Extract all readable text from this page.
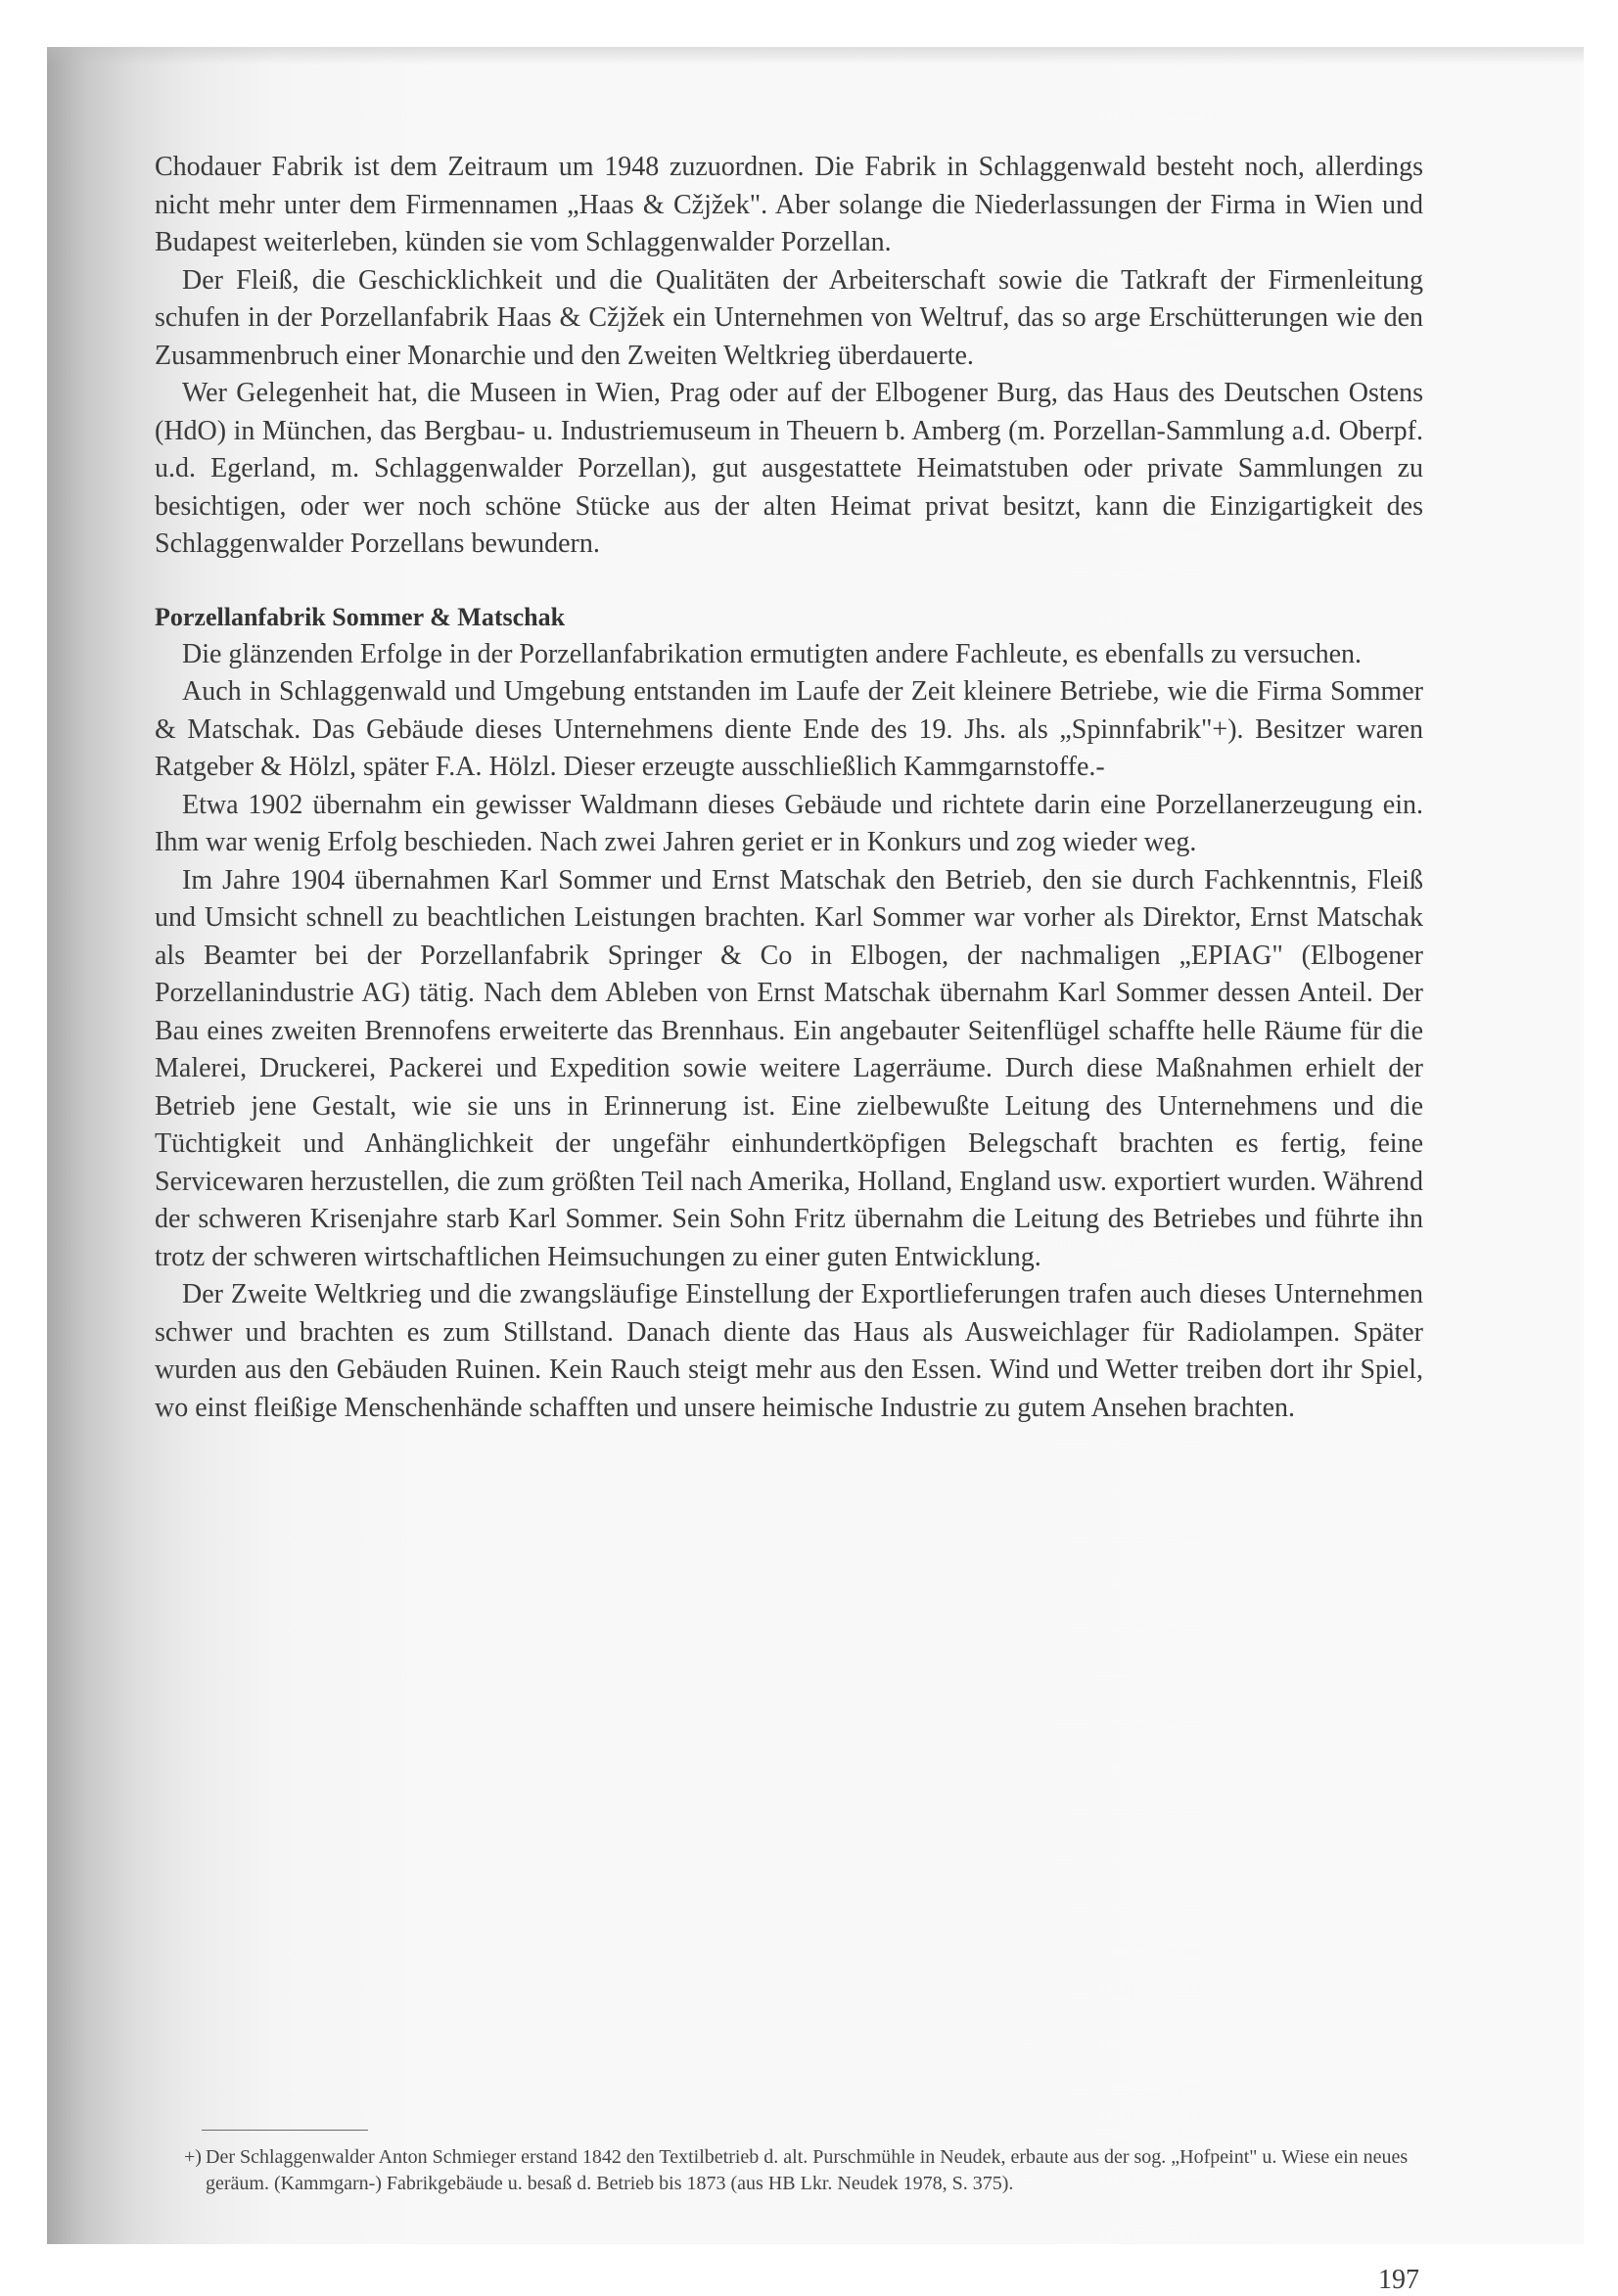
Chodauer Fabrik ist dem Zeitraum um 1948 zuzuordnen. Die Fabrik in Schlaggenwald besteht noch, allerdings nicht mehr unter dem Firmennamen „Haas & Cžjžek". Aber solange die Niederlassungen der Firma in Wien und Budapest weiterleben, künden sie vom Schlaggenwalder Porzellan.

Der Fleiß, die Geschicklichkeit und die Qualitäten der Arbeiterschaft sowie die Tatkraft der Firmenleitung schufen in der Porzellanfabrik Haas & Cžjžek ein Unternehmen von Weltruf, das so arge Erschütterungen wie den Zusammenbruch einer Monarchie und den Zweiten Weltkrieg überdauerte.

Wer Gelegenheit hat, die Museen in Wien, Prag oder auf der Elbogener Burg, das Haus des Deutschen Ostens (HdO) in München, das Bergbau- u. Industriemuseum in Theuern b. Amberg (m. Porzellan-Sammlung a.d. Oberpf. u.d. Egerland, m. Schlaggenwalder Porzellan), gut ausgestattete Heimatstuben oder private Sammlungen zu besichtigen, oder wer noch schöne Stücke aus der alten Heimat privat besitzt, kann die Einzigartigkeit des Schlaggenwalder Porzellans bewundern.

Porzellanfabrik Sommer & Matschak

Die glänzenden Erfolge in der Porzellanfabrikation ermutigten andere Fachleute, es ebenfalls zu versuchen.

Auch in Schlaggenwald und Umgebung entstanden im Laufe der Zeit kleinere Betriebe, wie die Firma Sommer & Matschak. Das Gebäude dieses Unternehmens diente Ende des 19. Jhs. als „Spinnfabrik"+). Besitzer waren Ratgeber & Hölzl, später F.A. Hölzl. Dieser erzeugte ausschließlich Kammgarnstoffe.-

Etwa 1902 übernahm ein gewisser Waldmann dieses Gebäude und richtete darin eine Porzellanerzeugung ein. Ihm war wenig Erfolg beschieden. Nach zwei Jahren geriet er in Konkurs und zog wieder weg.

Im Jahre 1904 übernahmen Karl Sommer und Ernst Matschak den Betrieb, den sie durch Fachkenntnis, Fleiß und Umsicht schnell zu beachtlichen Leistungen brachten. Karl Sommer war vorher als Direktor, Ernst Matschak als Beamter bei der Porzellanfabrik Springer & Co in Elbogen, der nachmaligen „EPIAG" (Elbogener Porzellanindustrie AG) tätig. Nach dem Ableben von Ernst Matschak übernahm Karl Sommer dessen Anteil. Der Bau eines zweiten Brennofens erweiterte das Brennhaus. Ein angebauter Seitenflügel schaffte helle Räume für die Malerei, Druckerei, Packerei und Expedition sowie weitere Lagerräume. Durch diese Maßnahmen erhielt der Betrieb jene Gestalt, wie sie uns in Erinnerung ist. Eine zielbewußte Leitung des Unternehmens und die Tüchtigkeit und Anhänglichkeit der ungefähr einhundertköpfigen Belegschaft brachten es fertig, feine Servicewaren herzustellen, die zum größten Teil nach Amerika, Holland, England usw. exportiert wurden. Während der schweren Krisenjahre starb Karl Sommer. Sein Sohn Fritz übernahm die Leitung des Betriebes und führte ihn trotz der schweren wirtschaftlichen Heimsuchungen zu einer guten Entwicklung.

Der Zweite Weltkrieg und die zwangsläufige Einstellung der Exportlieferungen trafen auch dieses Unternehmen schwer und brachten es zum Stillstand. Danach diente das Haus als Ausweichlager für Radiolampen. Später wurden aus den Gebäuden Ruinen. Kein Rauch steigt mehr aus den Essen. Wind und Wetter treiben dort ihr Spiel, wo einst fleißige Menschenhände schafften und unsere heimische Industrie zu gutem Ansehen brachten.

+) Der Schlaggenwalder Anton Schmieger erstand 1842 den Textilbetrieb d. alt. Purschmühle in Neudek, erbaute aus der sog. „Hofpeint" u. Wiese ein neues geräum. (Kammgarn-) Fabrikgebäude u. besaß d. Betrieb bis 1873 (aus HB Lkr. Neudek 1978, S. 375).
197
